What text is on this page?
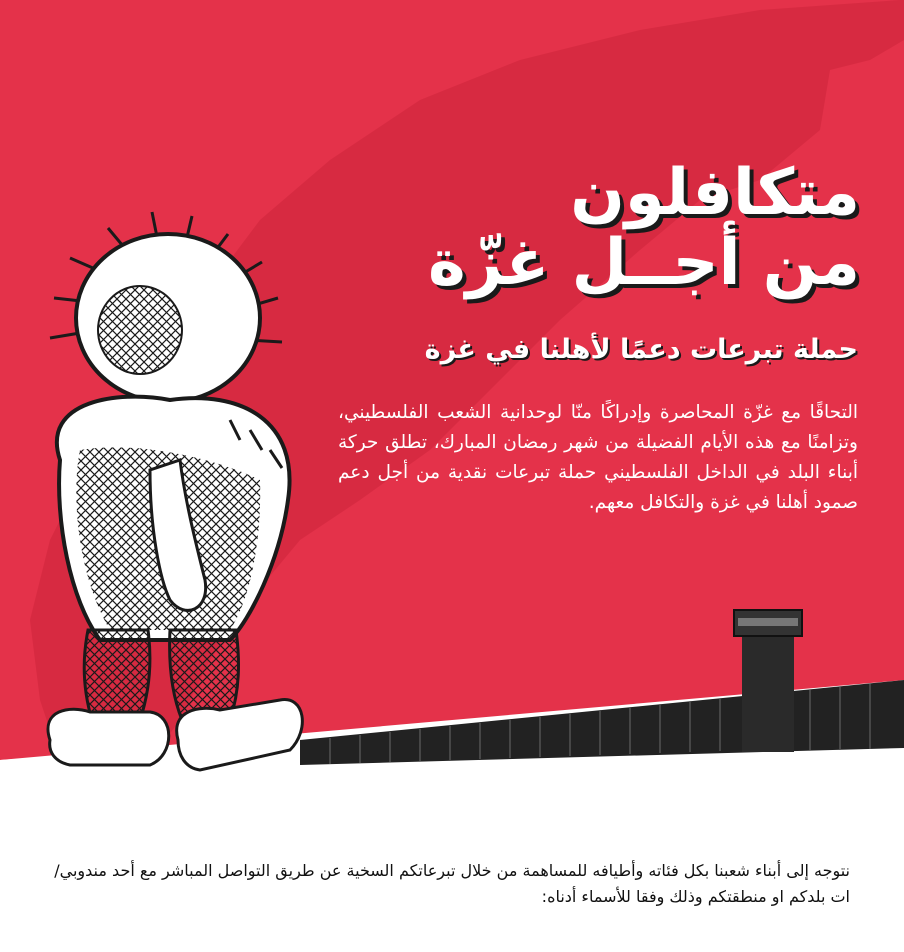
متكافلون
من أجــل غزّة
حملة تبرعات دعمًا لأهلنا في غزة
التحاقًا مع غزّة المحاصرة وإدراكًا منّا لوحدانية الشعب الفلسطيني، وتزامنًا مع هذه الأيام الفضيلة من شهر رمضان المبارك، تطلق حركة أبناء البلد في الداخل الفلسطيني حملة تبرعات نقدية من أجل دعم صمود أهلنا في غزة والتكافل معهم.
نتوجه إلى أبناء شعبنا بكل فئاته وأطيافه للمساهمة من خلال تبرعاتكم السخية عن طريق التواصل المباشر مع أحد مندوبي/ات بلدكم او منطقتكم وذلك وفقا للأسماء أدناه:
